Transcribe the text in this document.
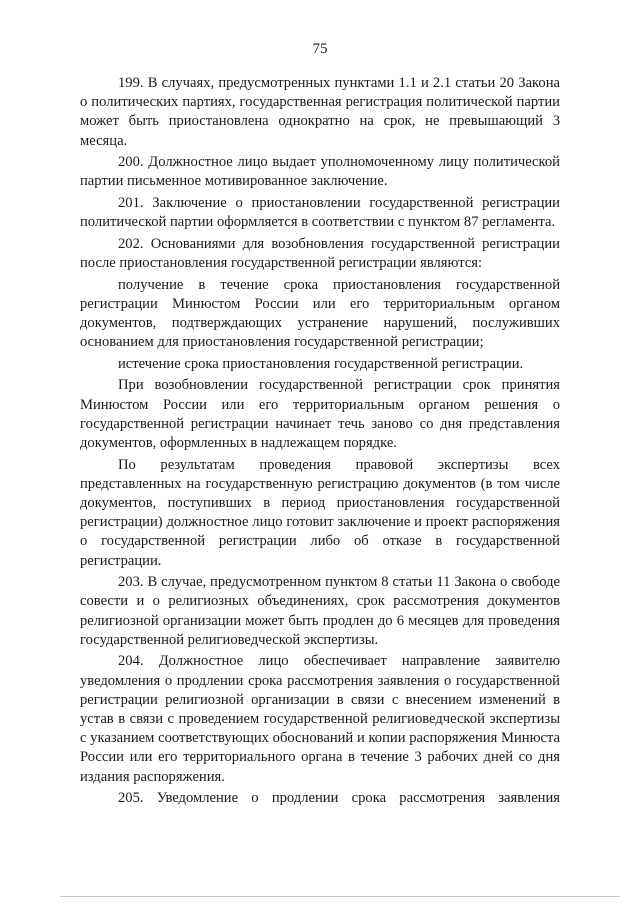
75

199. В случаях, предусмотренных пунктами 1.1 и 2.1 статьи 20 Закона о политических партиях, государственная регистрация политической партии может быть приостановлена однократно на срок, не превышающий 3 месяца.

200. Должностное лицо выдает уполномоченному лицу политической партии письменное мотивированное заключение.

201. Заключение о приостановлении государственной регистрации политической партии оформляется в соответствии с пунктом 87 регламента.

202. Основаниями для возобновления государственной регистрации после приостановления государственной регистрации являются:

получение в течение срока приостановления государственной регистрации Минюстом России или его территориальным органом документов, подтверждающих устранение нарушений, послуживших основанием для приостановления государственной регистрации;

истечение срока приостановления государственной регистрации.

При возобновлении государственной регистрации срок принятия Минюстом России или его территориальным органом решения о государственной регистрации начинает течь заново со дня представления документов, оформленных в надлежащем порядке.

По результатам проведения правовой экспертизы всех представленных на государственную регистрацию документов (в том числе документов, поступивших в период приостановления государственной регистрации) должностное лицо готовит заключение и проект распоряжения о государственной регистрации либо об отказе в государственной регистрации.

203. В случае, предусмотренном пунктом 8 статьи 11 Закона о свободе совести и о религиозных объединениях, срок рассмотрения документов религиозной организации может быть продлен до 6 месяцев для проведения государственной религиоведческой экспертизы.

204. Должностное лицо обеспечивает направление заявителю уведомления о продлении срока рассмотрения заявления о государственной регистрации религиозной организации в связи с внесением изменений в устав в связи с проведением государственной религиоведческой экспертизы с указанием соответствующих обоснований и копии распоряжения Минюста России или его территориального органа в течение 3 рабочих дней со дня издания распоряжения.

205. Уведомление о продлении срока рассмотрения заявления
